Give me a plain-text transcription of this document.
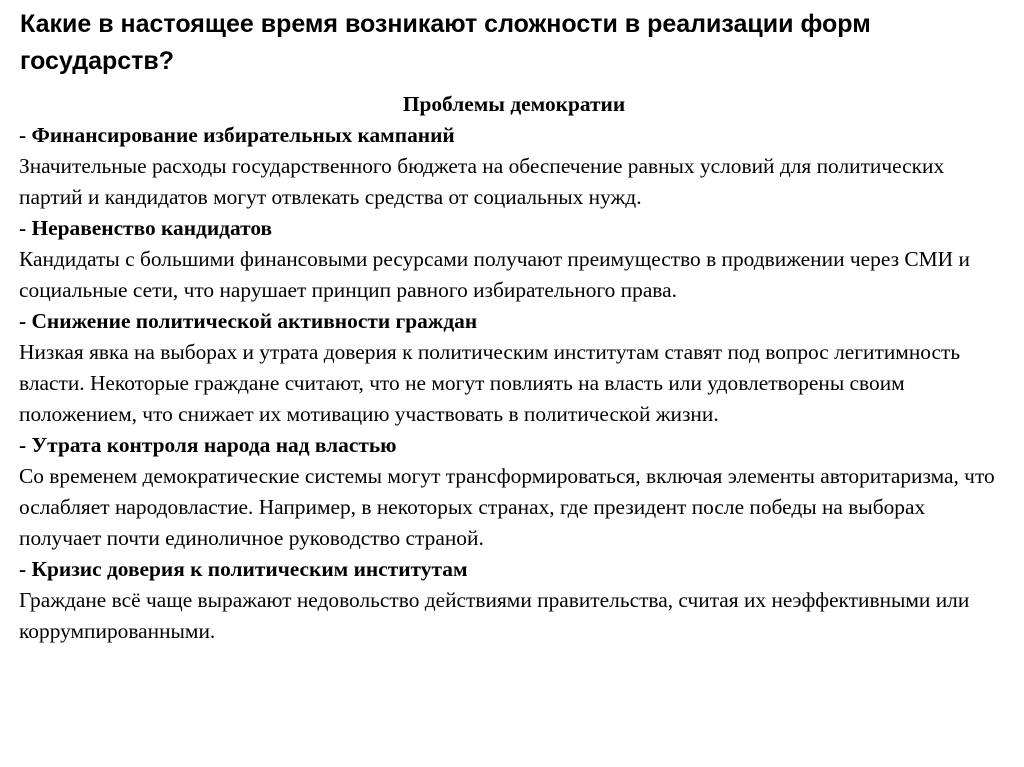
Какие в настоящее время возникают сложности в реализации форм государств?

Проблемы демократии

- Финансирование избирательных кампаний

Значительные расходы государственного бюджета на обеспечение равных условий для политических партий и кандидатов могут отвлекать средства от социальных нужд.

- Неравенство кандидатов

Кандидаты с большими финансовыми ресурсами получают преимущество в продвижении через СМИ и социальные сети, что нарушает принцип равного избирательного права.

- Снижение политической активности граждан

Низкая явка на выборах и утрата доверия к политическим институтам ставят под вопрос легитимность власти. Некоторые граждане считают, что не могут повлиять на власть или удовлетворены своим положением, что снижает их мотивацию участвовать в политической жизни.

- Утрата контроля народа над властью

Со временем демократические системы могут трансформироваться, включая элементы авторитаризма, что ослабляет народовластие. Например, в некоторых странах, где президент после победы на выборах получает почти единоличное руководство страной.

- Кризис доверия к политическим институтам

Граждане всё чаще выражают недовольство действиями правительства, считая их неэффективными или коррумпированными.
